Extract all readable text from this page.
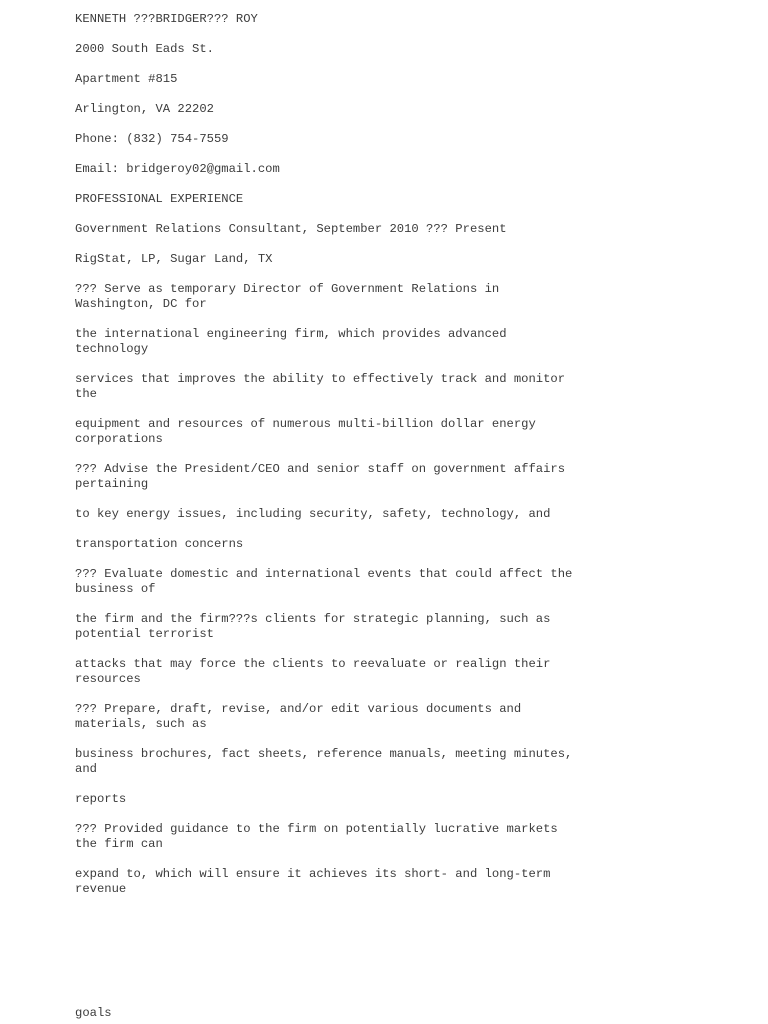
KENNETH ???BRIDGER??? ROY

2000 South Eads St.

Apartment #815

Arlington, VA 22202

Phone: (832) 754-7559

Email: bridgeroy02@gmail.com

PROFESSIONAL EXPERIENCE

Government Relations Consultant, September 2010 ??? Present

RigStat, LP, Sugar Land, TX

??? Serve as temporary Director of Government Relations in
Washington, DC for

the international engineering firm, which provides advanced
technology

services that improves the ability to effectively track and monitor
the

equipment and resources of numerous multi-billion dollar energy
corporations

??? Advise the President/CEO and senior staff on government affairs
pertaining

to key energy issues, including security, safety, technology, and

transportation concerns

??? Evaluate domestic and international events that could affect the
business of

the firm and the firm???s clients for strategic planning, such as
potential terrorist

attacks that may force the clients to reevaluate or realign their
resources

??? Prepare, draft, revise, and/or edit various documents and
materials, such as

business brochures, fact sheets, reference manuals, meeting minutes,
and

reports

??? Provided guidance to the firm on potentially lucrative markets
the firm can

expand to, which will ensure it achieves its short- and long-term
revenue

goals
